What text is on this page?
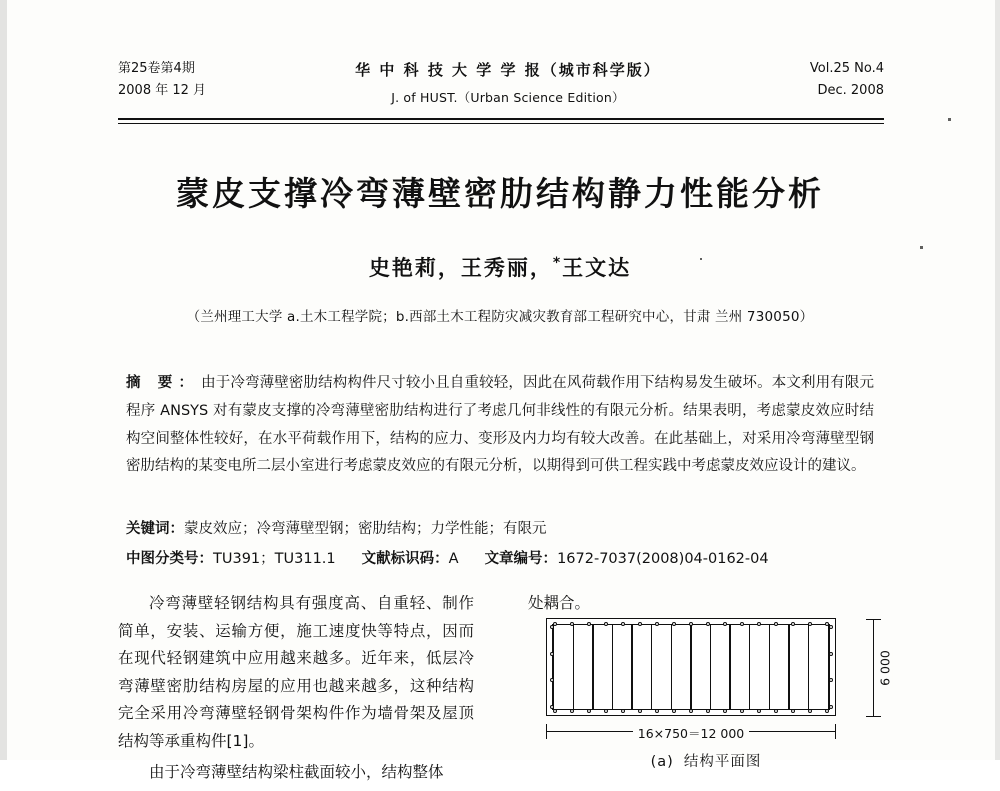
第25卷第4期
2008 年 12 月
华 中 科 技 大 学 学 报（城市科学版）
J. of HUST.（Urban Science Edition）
Vol.25 No.4
Dec. 2008
蒙皮支撑冷弯薄壁密肋结构静力性能分析
史艳莉，王秀丽，*王文达
（兰州理工大学 a.土木工程学院；b.西部土木工程防灾减灾教育部工程研究中心，甘肃 兰州 730050）
摘 要： 由于冷弯薄壁密肋结构构件尺寸较小且自重较轻，因此在风荷载作用下结构易发生破坏。本文利用有限元程序 ANSYS 对有蒙皮支撑的冷弯薄壁密肋结构进行了考虑几何非线性的有限元分析。结果表明，考虑蒙皮效应时结构空间整体性较好，在水平荷载作用下，结构的应力、变形及内力均有较大改善。在此基础上，对采用冷弯薄壁型钢密肋结构的某变电所二层小室进行考虑蒙皮效应的有限元分析，以期得到可供工程实践中考虑蒙皮效应设计的建议。
关键词：蒙皮效应；冷弯薄壁型钢；密肋结构；力学性能；有限元
中图分类号：TU391；TU311.1 文献标识码：A 文章编号：1672-7037(2008)04-0162-04

冷弯薄壁轻钢结构具有强度高、自重轻、制作简单，安装、运输方便，施工速度快等特点，因而在现代轻钢建筑中应用越来越多。近年来，低层冷弯薄壁密肋结构房屋的应用也越来越多，这种结构完全采用冷弯薄壁轻钢骨架构件作为墙骨架及屋顶结构等承重构件[1]。

由于冷弯薄壁结构梁柱截面较小，结构整体

处耦合。

6 000
16×750＝12 000
(a) 结构平面图
